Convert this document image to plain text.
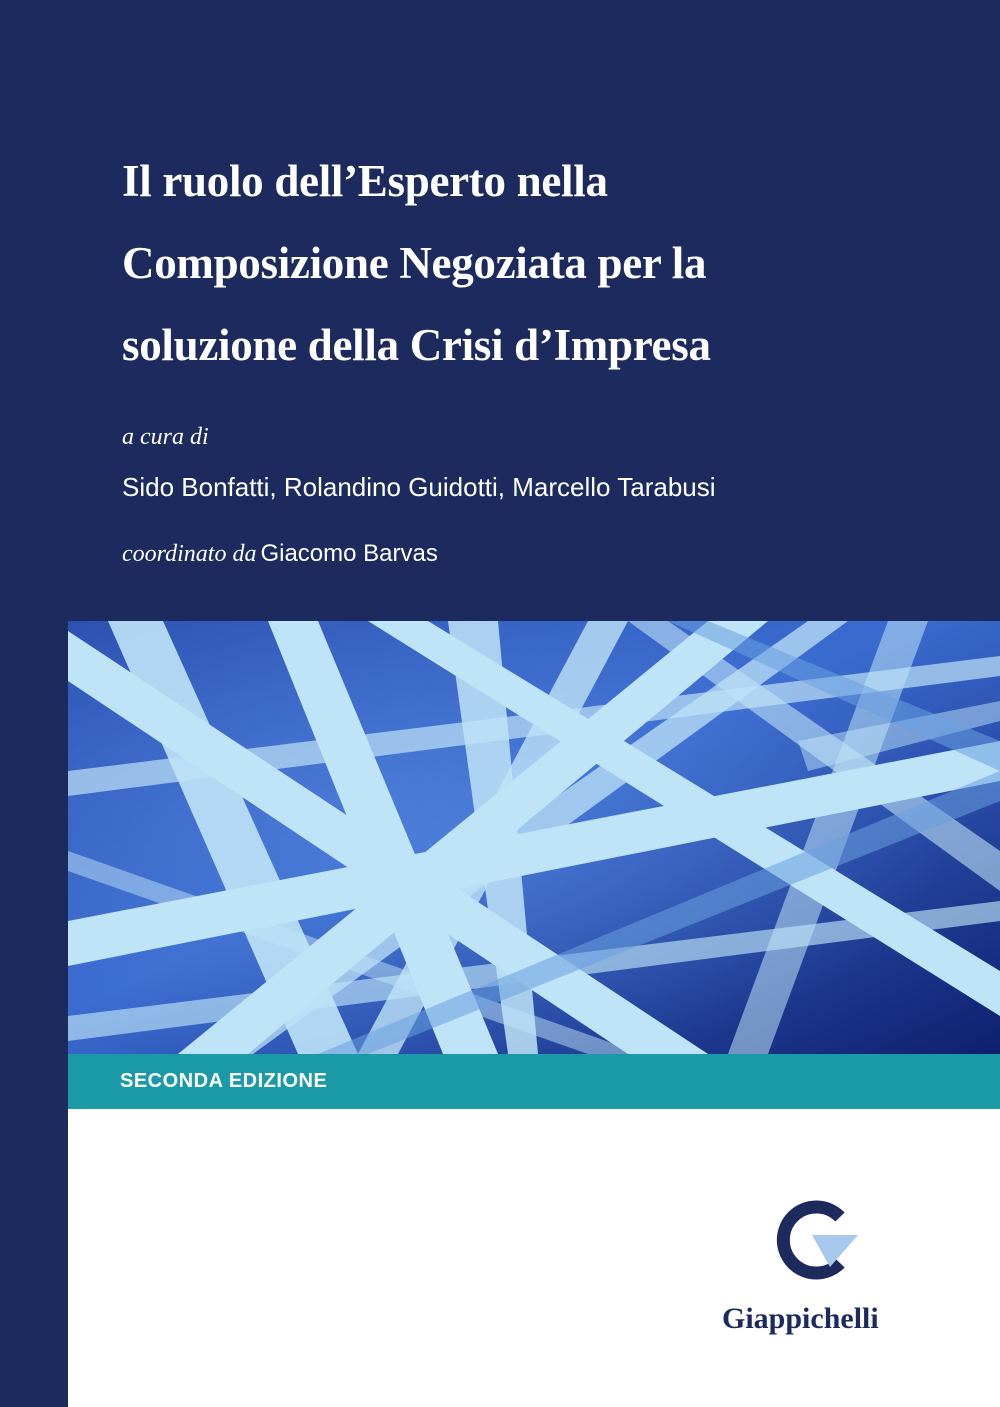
Il ruolo dell’Esperto nella
Composizione Negoziata per la
soluzione della Crisi d’Impresa
a cura di
Sido Bonfatti, Rolandino Guidotti, Marcello Tarabusi
coordinato da Giacomo Barvas

SECONDA EDIZIONE

Giappichelli
